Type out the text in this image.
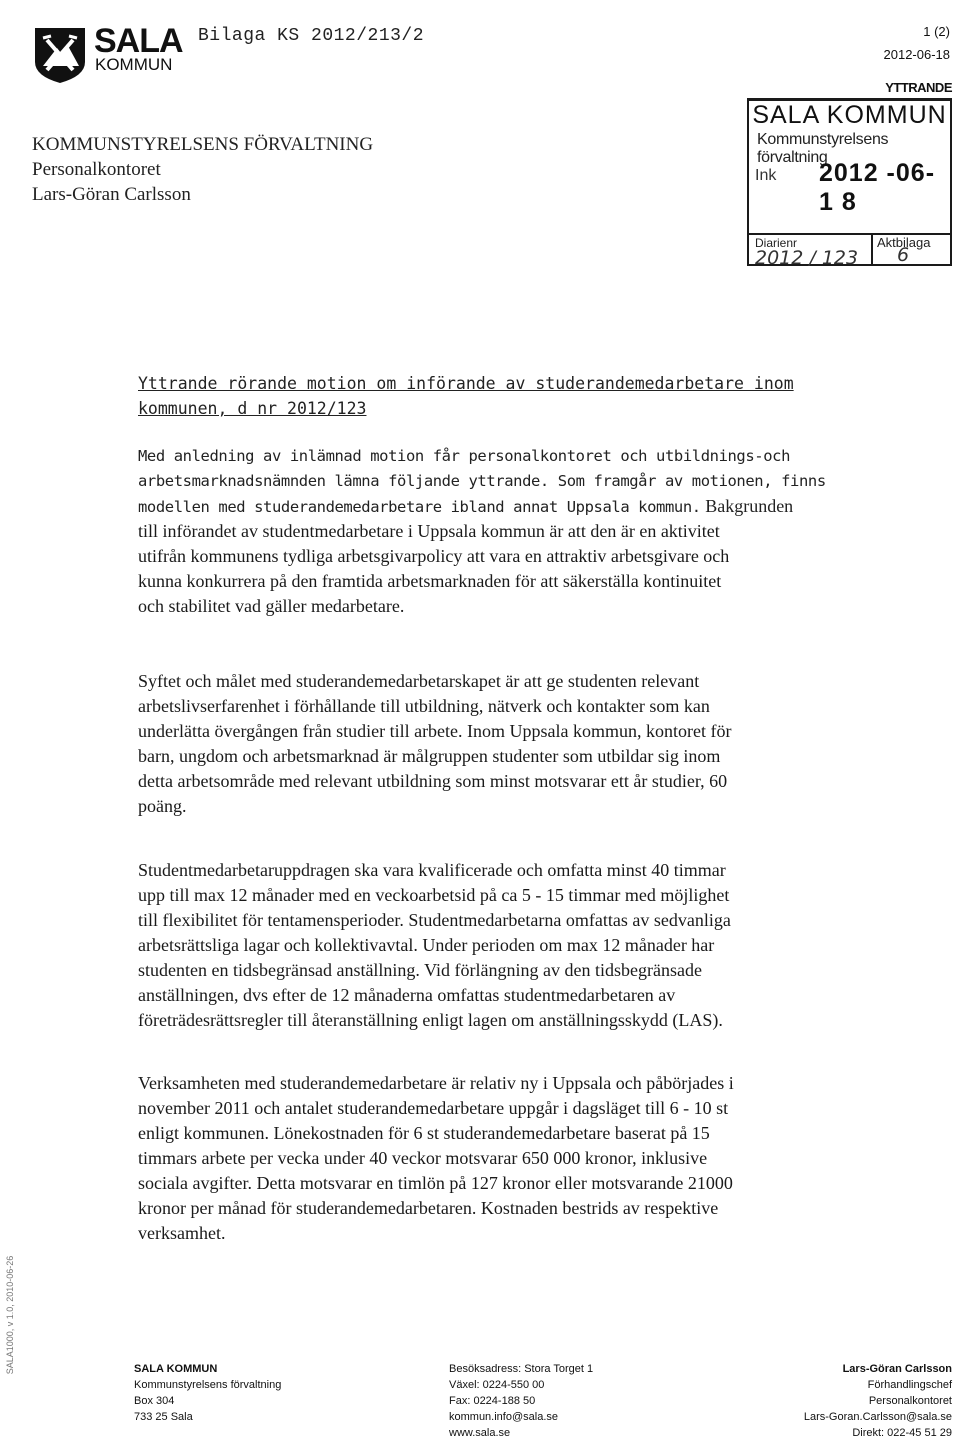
SALA
KOMMUN
Bilaga KS 2012/213/2	1 (2)
2012-06-18
YTTRANDE
KOMMUNSTYRELSENS FÖRVALTNING
Personalkontoret
Lars-Göran Carlsson
SALA KOMMUN
Kommunstyrelsens förvaltning
Ink 2012 -06- 1 8
Diarienr	Aktbilaga
2012 / 123 6
Yttrande rörande motion om införande av studerandemedarbetare inom
kommunen, d nr 2012/123
Med anledning av inlämnad motion får personalkontoret och utbildnings-och
arbetsmarknadsnämnden lämna följande yttrande. Som framgår av motionen, finns
modellen med studerandemedarbetare ibland annat Uppsala kommun. Bakgrunden
till införandet av studentmedarbetare i Uppsala kommun är att den är en aktivitet
utifrån kommunens tydliga arbetsgivarpolicy att vara en attraktiv arbetsgivare och
kunna konkurrera på den framtida arbetsmarknaden för att säkerställa kontinuitet
och stabilitet vad gäller medarbetare.
Syftet och målet med studerandemedarbetarskapet är att ge studenten relevant
arbetslivserfarenhet i förhållande till utbildning, nätverk och kontakter som kan
underlätta övergången från studier till arbete. Inom Uppsala kommun, kontoret för
barn, ungdom och arbetsmarknad är målgruppen studenter som utbildar sig inom
detta arbetsområde med relevant utbildning som minst motsvarar ett år studier, 60
poäng.
Studentmedarbetaruppdragen ska vara kvalificerade och omfatta minst 40 timmar
upp till max 12 månader med en veckoarbetsid på ca 5 - 15 timmar med möjlighet
till flexibilitet för tentamensperioder. Studentmedarbetarna omfattas av sedvanliga
arbetsrättsliga lagar och kollektivavtal. Under perioden om max 12 månader har
studenten en tidsbegränsad anställning. Vid förlängning av den tidsbegränsade
anställningen, dvs efter de 12 månaderna omfattas studentmedarbetaren av
företrädesrättsregler till återanställning enligt lagen om anställningsskydd (LAS).
Verksamheten med studerandemedarbetare är relativ ny i Uppsala och påbörjades i
november 2011 och antalet studerandemedarbetare uppgår i dagsläget till 6 - 10 st
enligt kommunen. Lönekostnaden för 6 st studerandemedarbetare baserat på 15
timmars arbete per vecka under 40 veckor motsvarar 650 000 kronor, inklusive
sociala avgifter. Detta motsvarar en timlön på 127 kronor eller motsvarande 21000
kronor per månad för studerandemedarbetaren. Kostnaden bestrids av respektive
verksamhet.
SALA1000, v 1.0, 2010-06-26	SALA KOMMUN
Kommunstyrelsens förvaltning
Box 304
733 25 Sala
Besöksadress: Stora Torget 1
Växel: 0224-550 00
Fax: 0224-188 50
kommun.info@sala.se
www.sala.se
Lars-Göran Carlsson
Förhandlingschef
Personalkontoret
Lars-Goran.Carlsson@sala.se
Direkt: 022-45 51 29
